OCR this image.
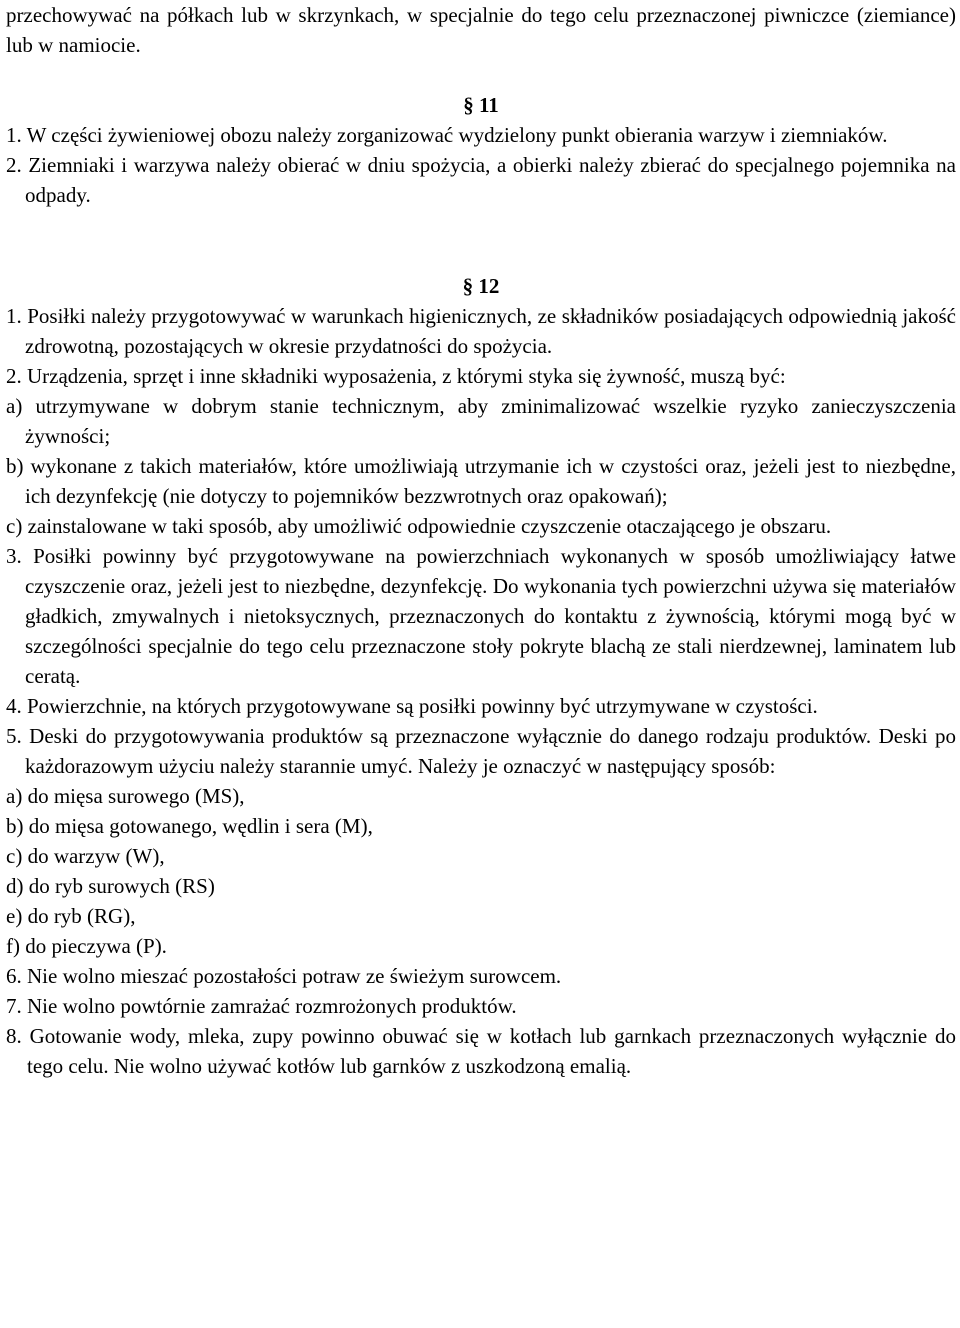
przechowywać na półkach lub w skrzynkach, w specjalnie do tego celu przeznaczonej piwniczce (ziemiance) lub w namiocie.

§ 11

1. W części żywieniowej obozu należy zorganizować wydzielony punkt obierania warzyw i ziemniaków.

2. Ziemniaki i warzywa należy obierać w dniu spożycia, a obierki należy zbierać do specjalnego pojemnika na odpady.

§ 12

1. Posiłki należy przygotowywać w warunkach higienicznych, ze składników posiadających odpowiednią jakość zdrowotną, pozostających w okresie przydatności do spożycia.

2. Urządzenia, sprzęt i inne składniki wyposażenia, z którymi styka się żywność, muszą być:

a) utrzymywane w dobrym stanie technicznym, aby zminimalizować wszelkie ryzyko zanieczyszczenia żywności;

b) wykonane z takich materiałów, które umożliwiają utrzymanie ich w czystości oraz, jeżeli jest to niezbędne, ich dezynfekcję (nie dotyczy to pojemników bezzwrotnych oraz opakowań);

c) zainstalowane w taki sposób, aby umożliwić odpowiednie czyszczenie otaczającego je obszaru.

3. Posiłki powinny być przygotowywane na powierzchniach wykonanych w sposób umożliwiający łatwe czyszczenie oraz, jeżeli jest to niezbędne, dezynfekcję. Do wykonania tych powierzchni używa się materiałów gładkich, zmywalnych i nietoksycznych, przeznaczonych do kontaktu z żywnością, którymi mogą być w szczególności specjalnie do tego celu przeznaczone stoły pokryte blachą ze stali nierdzewnej, laminatem lub ceratą.

4. Powierzchnie, na których przygotowywane są posiłki powinny być utrzymywane w czystości.

5. Deski do przygotowywania produktów są przeznaczone wyłącznie do danego rodzaju produktów. Deski po każdorazowym użyciu należy starannie umyć. Należy je oznaczyć w następujący sposób:

a) do mięsa surowego (MS),

b) do mięsa gotowanego, wędlin i sera (M),

c) do warzyw (W),

d) do ryb surowych (RS)

e) do ryb (RG),

f) do pieczywa (P).

6. Nie wolno mieszać pozostałości potraw ze świeżym surowcem.

7. Nie wolno powtórnie zamrażać rozmrożonych produktów.

8. Gotowanie wody, mleka, zupy powinno obuwać się w kotłach lub garnkach przeznaczonych wyłącznie do tego celu. Nie wolno używać kotłów lub garnków z uszkodzoną emalią.
